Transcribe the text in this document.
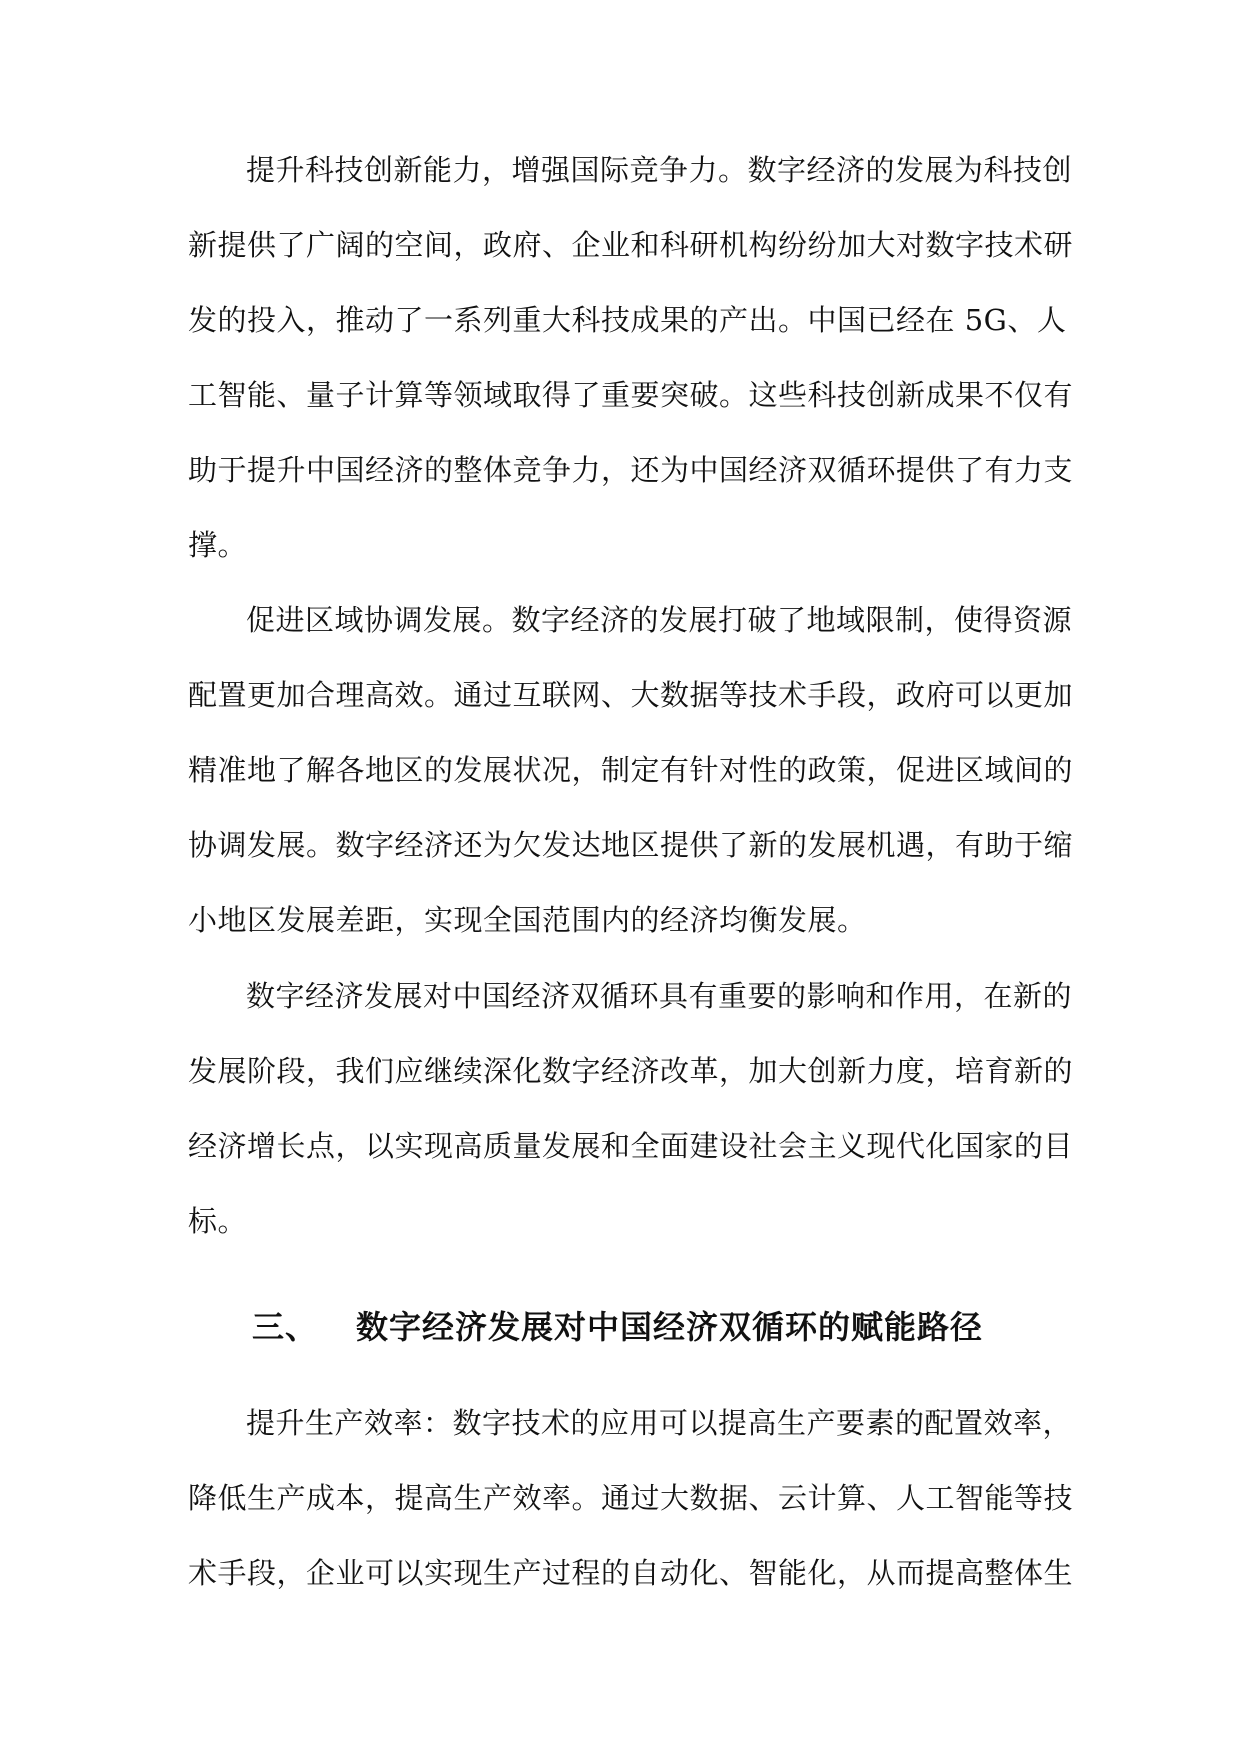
提升科技创新能力，增强国际竞争力。数字经济的发展为科技创
新提供了广阔的空间，政府、企业和科研机构纷纷加大对数字技术研
发的投入，推动了一系列重大科技成果的产出。中国已经在 5G、人
工智能、量子计算等领域取得了重要突破。这些科技创新成果不仅有
助于提升中国经济的整体竞争力，还为中国经济双循环提供了有力支
撑。
促进区域协调发展。数字经济的发展打破了地域限制，使得资源
配置更加合理高效。通过互联网、大数据等技术手段，政府可以更加
精准地了解各地区的发展状况，制定有针对性的政策，促进区域间的
协调发展。数字经济还为欠发达地区提供了新的发展机遇，有助于缩
小地区发展差距，实现全国范围内的经济均衡发展。
数字经济发展对中国经济双循环具有重要的影响和作用，在新的
发展阶段，我们应继续深化数字经济改革，加大创新力度，培育新的
经济增长点，以实现高质量发展和全面建设社会主义现代化国家的目
标。
三、 数字经济发展对中国经济双循环的赋能路径
提升生产效率：数字技术的应用可以提高生产要素的配置效率，
降低生产成本，提高生产效率。通过大数据、云计算、人工智能等技
术手段，企业可以实现生产过程的自动化、智能化，从而提高整体生
